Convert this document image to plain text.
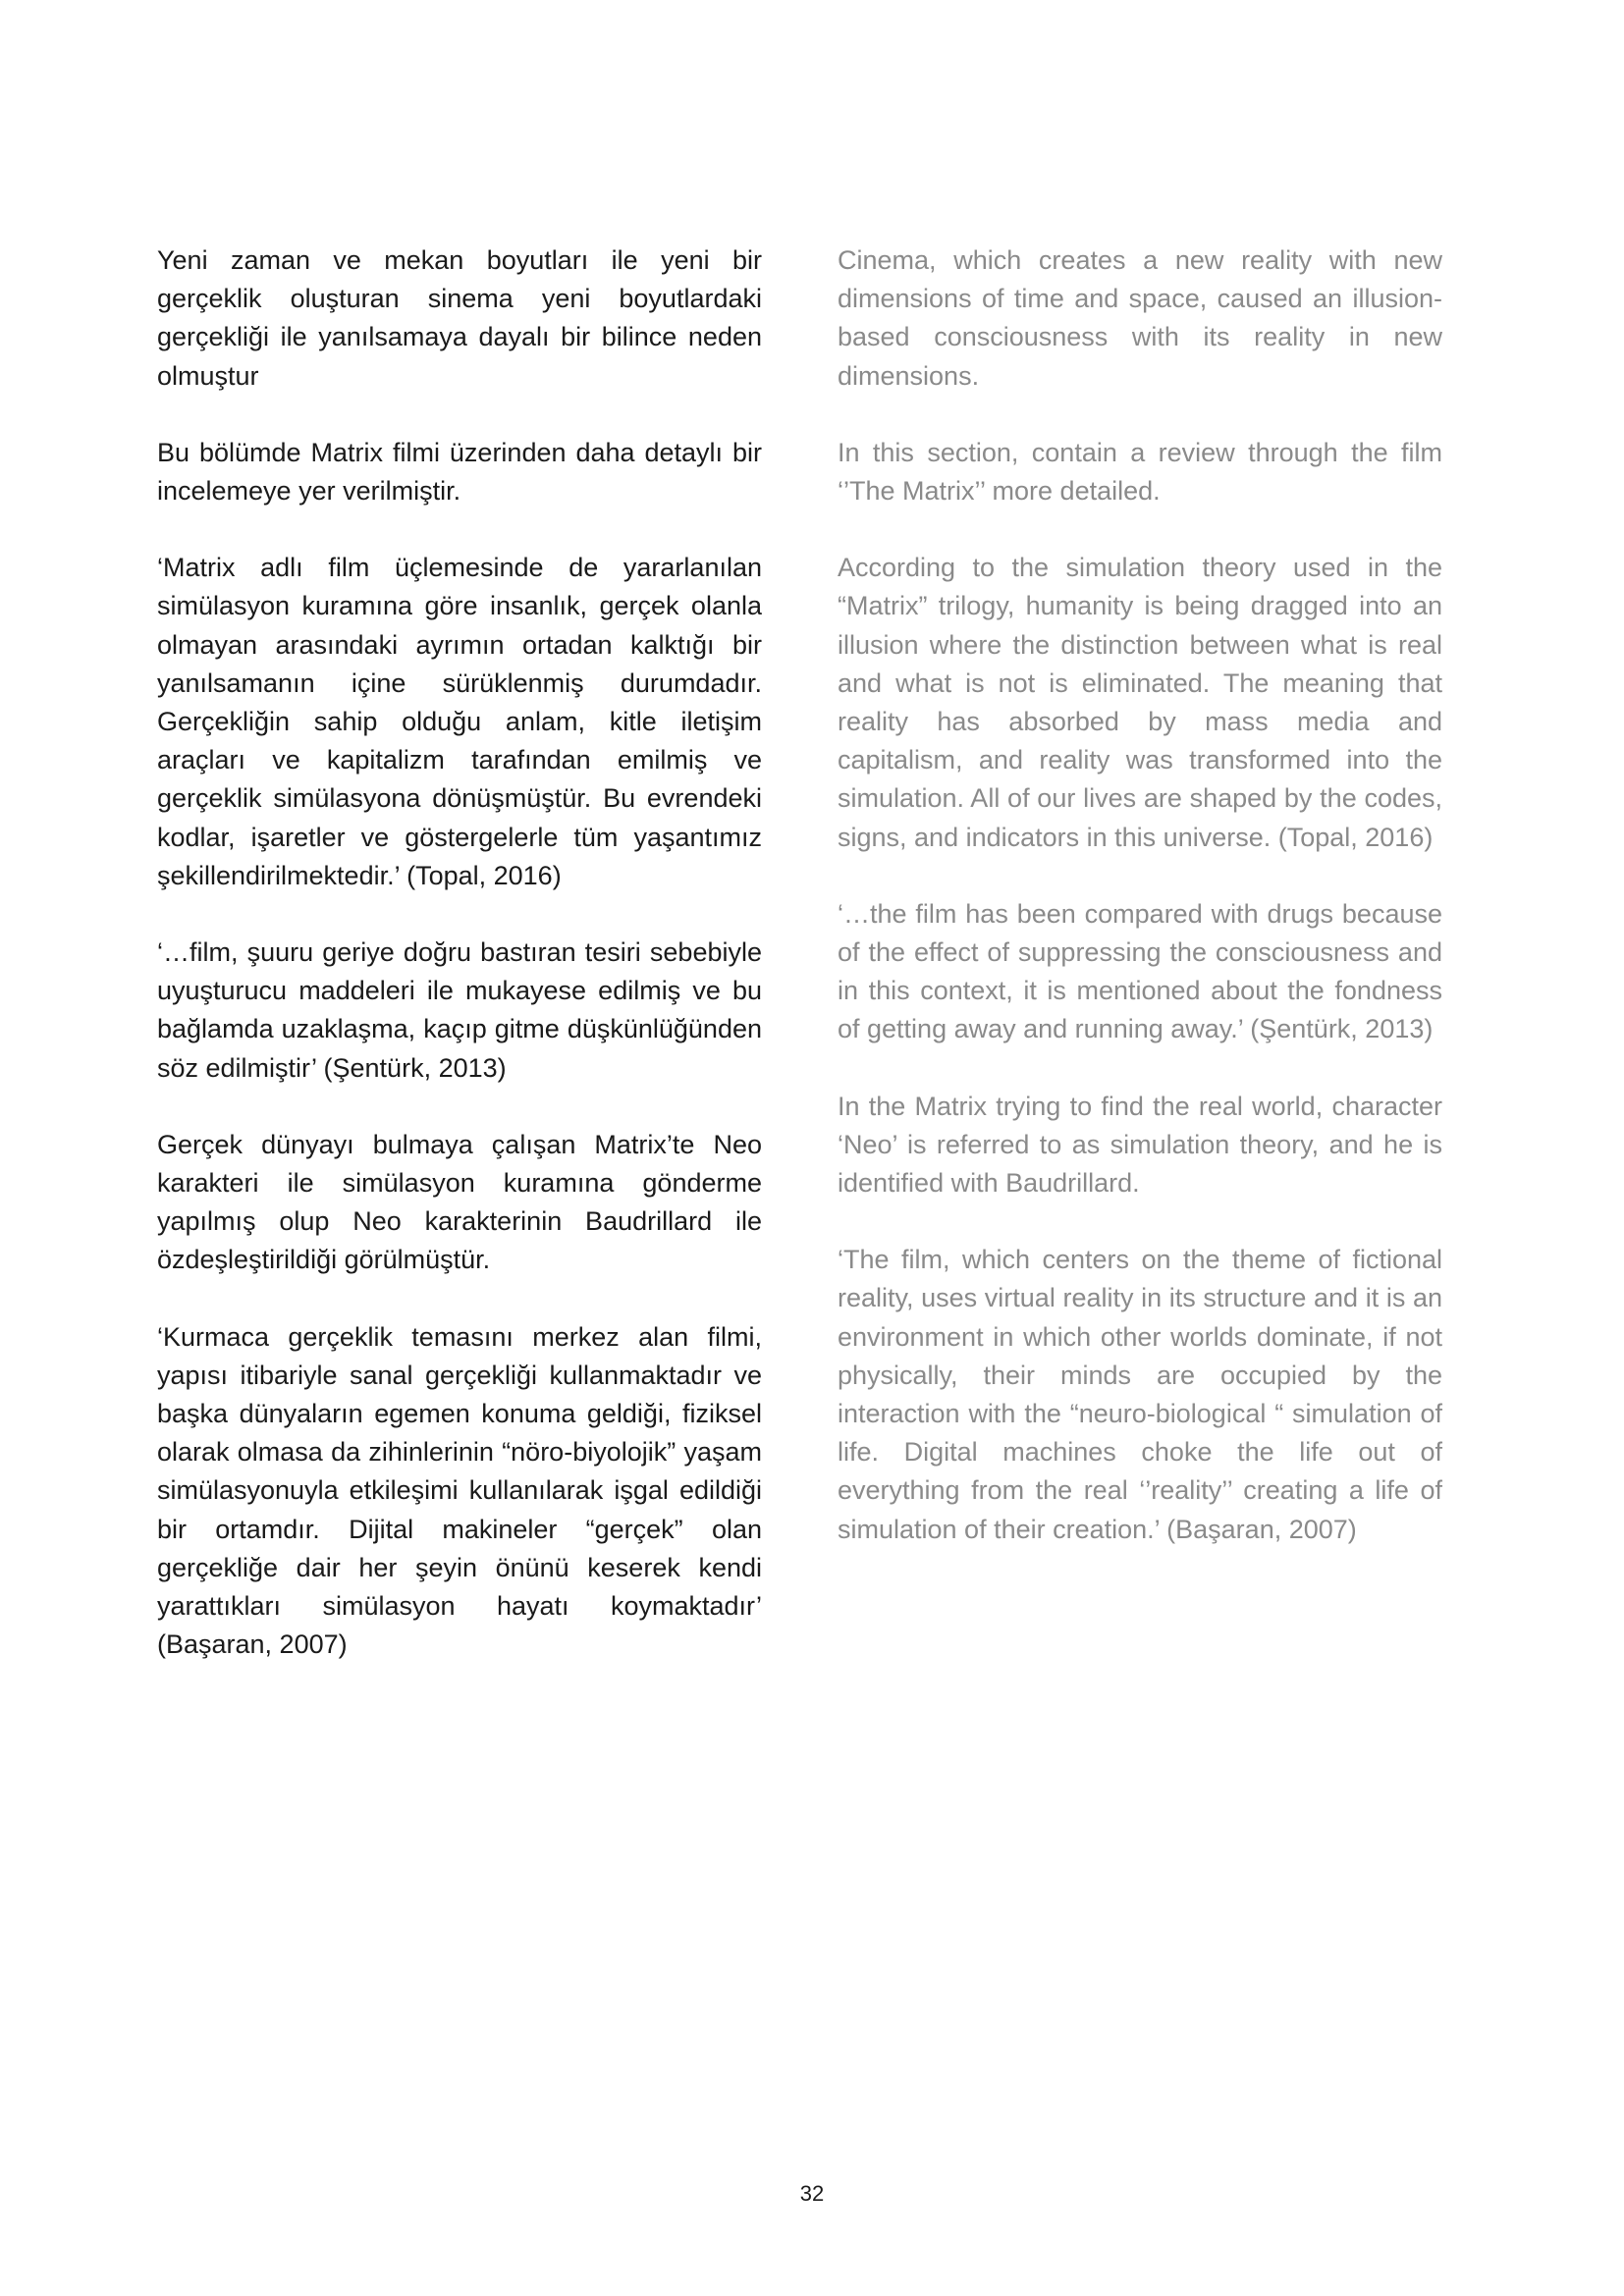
Yeni zaman ve mekan boyutları ile yeni bir gerçeklik oluşturan sinema yeni boyutlardaki gerçekliği ile yanılsamaya dayalı bir bilince neden olmuştur

Bu bölümde Matrix filmi üzerinden daha detaylı bir incelemeye yer verilmiştir.

‘Matrix adlı film üçlemesinde de yararlanılan simülasyon kuramına göre insanlık, gerçek olanla olmayan arasındaki ayrımın ortadan kalktığı bir yanılsamanın içine sürüklenmiş durumdadır. Gerçekliğin sahip olduğu anlam, kitle iletişim araçları ve kapitalizm tarafından emilmiş ve gerçeklik simülasyona dönüşmüştür. Bu evrendeki kodlar, işaretler ve göstergelerle tüm yaşantımız şekillendirilmektedir.’ (Topal, 2016)

‘…film, şuuru geriye doğru bastıran tesiri sebebiyle uyuşturucu maddeleri ile mukayese edilmiş ve bu bağlamda uzaklaşma, kaçıp gitme düşkünlüğünden söz edilmiştir’ (Şentürk, 2013)

Gerçek dünyayı bulmaya çalışan Matrix’te Neo karakteri ile simülasyon kuramına gönderme yapılmış olup Neo karakterinin Baudrillard ile özdeşleştirildiği görülmüştür.

‘Kurmaca gerçeklik temasını merkez alan filmi, yapısı itibariyle sanal gerçekliği kullanmaktadır ve başka dünyaların egemen konuma geldiği, fiziksel olarak olmasa da zihinlerinin “nöro-biyolojik” yaşam simülasyonuyla etkileşimi kullanılarak işgal edildiği bir ortamdır. Dijital makineler “gerçek” olan gerçekliğe dair her şeyin önünü keserek kendi yarattıkları simülasyon hayatı koymaktadır’ (Başaran, 2007)

Cinema, which creates a new reality with new dimensions of time and space, caused an illusion-based consciousness with its reality in new dimensions.

In this section, contain a review through the film ‘’The Matrix’’ more detailed.

According to the simulation theory used in the “Matrix” trilogy, humanity is being dragged into an illusion where the distinction between what is real and what is not is eliminated. The meaning that reality has absorbed by mass media and capitalism, and reality was transformed into the simulation. All of our lives are shaped by the codes, signs, and indicators in this universe. (Topal, 2016)

‘…the film has been compared with drugs because of the effect of suppressing the consciousness and in this context, it is mentioned about the fondness of getting away and running away.’ (Şentürk, 2013)

In the Matrix trying to find the real world, character ‘Neo’ is referred to as simulation theory, and he is identified with Baudrillard.

‘The film, which centers on the theme of fictional reality, uses virtual reality in its structure and it is an environment in which other worlds dominate, if not physically, their minds are occupied by the interaction with the “neuro-biological “ simulation of life. Digital machines choke the life out of everything from the real ‘’reality’’ creating a life of simulation of their creation.’ (Başaran, 2007)

32
